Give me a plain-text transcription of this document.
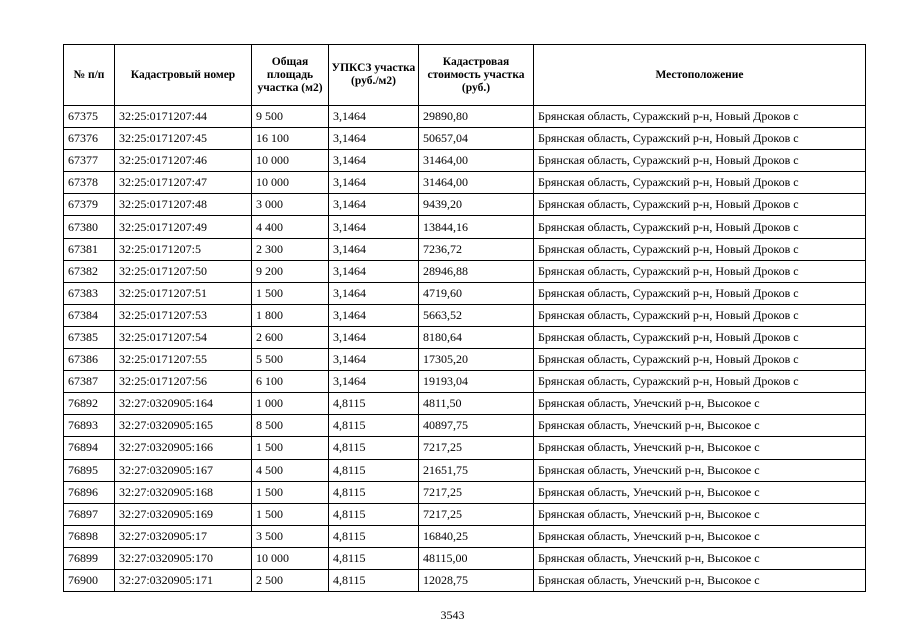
№ п/п	Кадастровый номер	Общая площадь участка (м2)	УПКСЗ участка (руб./м2)	Кадастровая стоимость участка (руб.)	Местоположение
67375	32:25:0171207:44	9 500	3,1464	29890,80	Брянская область, Суражский р-н, Новый Дроков с
67376	32:25:0171207:45	16 100	3,1464	50657,04	Брянская область, Суражский р-н, Новый Дроков с
67377	32:25:0171207:46	10 000	3,1464	31464,00	Брянская область, Суражский р-н, Новый Дроков с
67378	32:25:0171207:47	10 000	3,1464	31464,00	Брянская область, Суражский р-н, Новый Дроков с
67379	32:25:0171207:48	3 000	3,1464	9439,20	Брянская область, Суражский р-н, Новый Дроков с
67380	32:25:0171207:49	4 400	3,1464	13844,16	Брянская область, Суражский р-н, Новый Дроков с
67381	32:25:0171207:5	2 300	3,1464	7236,72	Брянская область, Суражский р-н, Новый Дроков с
67382	32:25:0171207:50	9 200	3,1464	28946,88	Брянская область, Суражский р-н, Новый Дроков с
67383	32:25:0171207:51	1 500	3,1464	4719,60	Брянская область, Суражский р-н, Новый Дроков с
67384	32:25:0171207:53	1 800	3,1464	5663,52	Брянская область, Суражский р-н, Новый Дроков с
67385	32:25:0171207:54	2 600	3,1464	8180,64	Брянская область, Суражский р-н, Новый Дроков с
67386	32:25:0171207:55	5 500	3,1464	17305,20	Брянская область, Суражский р-н, Новый Дроков с
67387	32:25:0171207:56	6 100	3,1464	19193,04	Брянская область, Суражский р-н, Новый Дроков с
76892	32:27:0320905:164	1 000	4,8115	4811,50	Брянская область, Унечский р-н, Высокое с
76893	32:27:0320905:165	8 500	4,8115	40897,75	Брянская область, Унечский р-н, Высокое с
76894	32:27:0320905:166	1 500	4,8115	7217,25	Брянская область, Унечский р-н, Высокое с
76895	32:27:0320905:167	4 500	4,8115	21651,75	Брянская область, Унечский р-н, Высокое с
76896	32:27:0320905:168	1 500	4,8115	7217,25	Брянская область, Унечский р-н, Высокое с
76897	32:27:0320905:169	1 500	4,8115	7217,25	Брянская область, Унечский р-н, Высокое с
76898	32:27:0320905:17	3 500	4,8115	16840,25	Брянская область, Унечский р-н, Высокое с
76899	32:27:0320905:170	10 000	4,8115	48115,00	Брянская область, Унечский р-н, Высокое с
76900	32:27:0320905:171	2 500	4,8115	12028,75	Брянская область, Унечский р-н, Высокое с
3543
